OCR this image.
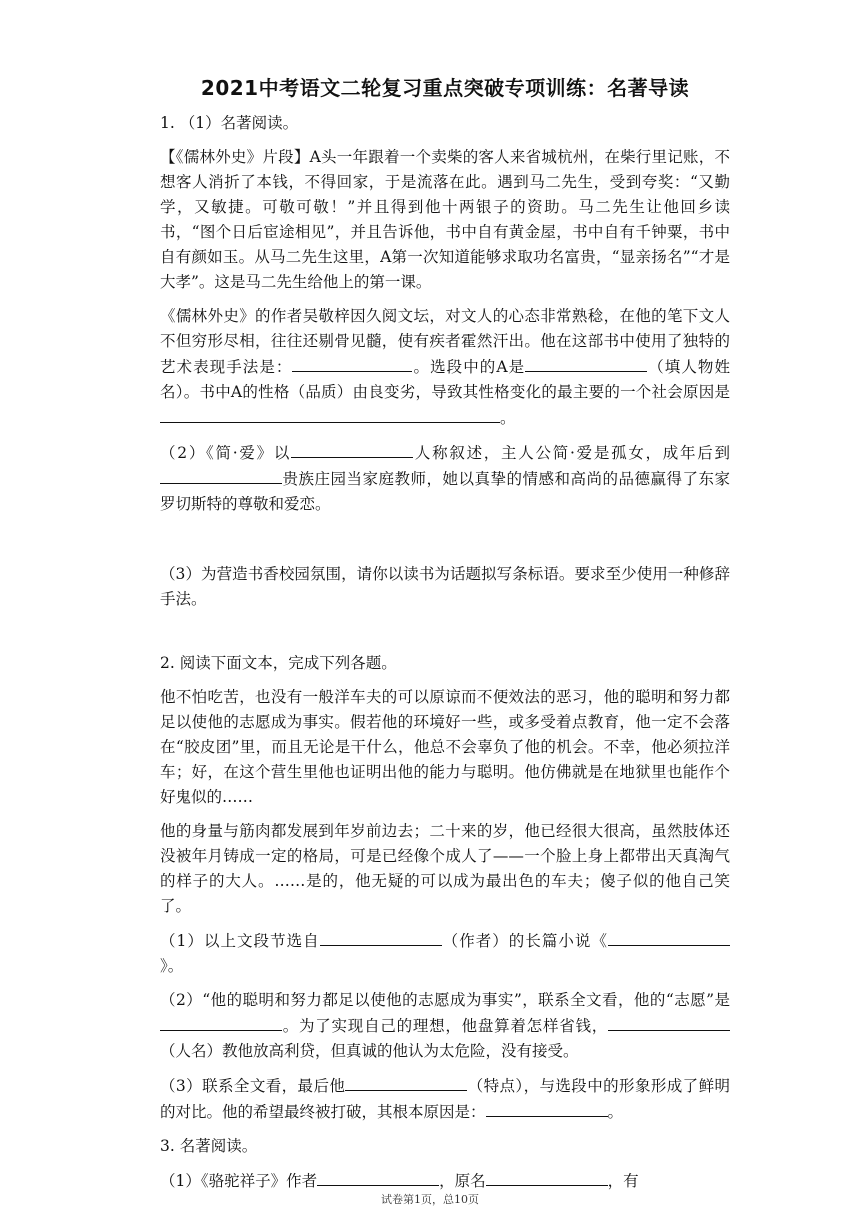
2021中考语文二轮复习重点突破专项训练：名著导读

1. （1）名著阅读。

【《儒林外史》片段】A头一年跟着一个卖柴的客人来省城杭州，在柴行里记账，不想客人消折了本钱，不得回家，于是流落在此。遇到马二先生，受到夸奖：“又勤学，又敏捷。可敬可敬！”并且得到他十两银子的资助。马二先生让他回乡读书，“图个日后宦途相见”，并且告诉他，书中自有黄金屋，书中自有千钟粟，书中自有颜如玉。从马二先生这里，A第一次知道能够求取功名富贵，“显亲扬名”“才是大孝”。这是马二先生给他上的第一课。

《儒林外史》的作者吴敬梓因久阅文坛，对文人的心态非常熟稔，在他的笔下文人不但穷形尽相，往往还剔骨见髓，使有疾者霍然汗出。他在这部书中使用了独特的艺术表现手法是：	。选段中的A是	（填人物姓名）。书中A的性格（品质）由良变劣，导致其性格变化的最主要的一个社会原因是。

（2）《简·爱》以	人称叙述，主人公简·爱是孤女，成年后到贵族庄园当家庭教师，她以真挚的情感和高尚的品德赢得了东家罗切斯特的尊敬和爱恋。

（3）为营造书香校园氛围，请你以读书为话题拟写条标语。要求至少使用一种修辞手法。

2. 阅读下面文本，完成下列各题。

他不怕吃苦，也没有一般洋车夫的可以原谅而不便效法的恶习，他的聪明和努力都足以使他的志愿成为事实。假若他的环境好一些，或多受着点教育，他一定不会落在“胶皮团”里，而且无论是干什么，他总不会辜负了他的机会。不幸，他必须拉洋车；好，在这个营生里他也证明出他的能力与聪明。他仿佛就是在地狱里也能作个好鬼似的……

他的身量与筋肉都发展到年岁前边去；二十来的岁，他已经很大很高，虽然肢体还没被年月铸成一定的格局，可是已经像个成人了——一个脸上身上都带出天真淘气的样子的大人。……是的，他无疑的可以成为最出色的车夫；傻子似的他自己笑了。

（1）以上文段节选自	（作者）的长篇小说《》。

（2）“他的聪明和努力都足以使他的志愿成为事实”，联系全文看，他的“志愿”是。为了实现自己的理想，他盘算着怎样省钱，（人名）教他放高利贷，但真诚的他认为太危险，没有接受。

（3）联系全文看，最后他	（特点），与选段中的形象形成了鲜明的对比。他的希望最终被打破，其根本原因是：	。

3. 名著阅读。

（1）《骆驼祥子》作者	，原名	，有

试卷第1页，总10页
